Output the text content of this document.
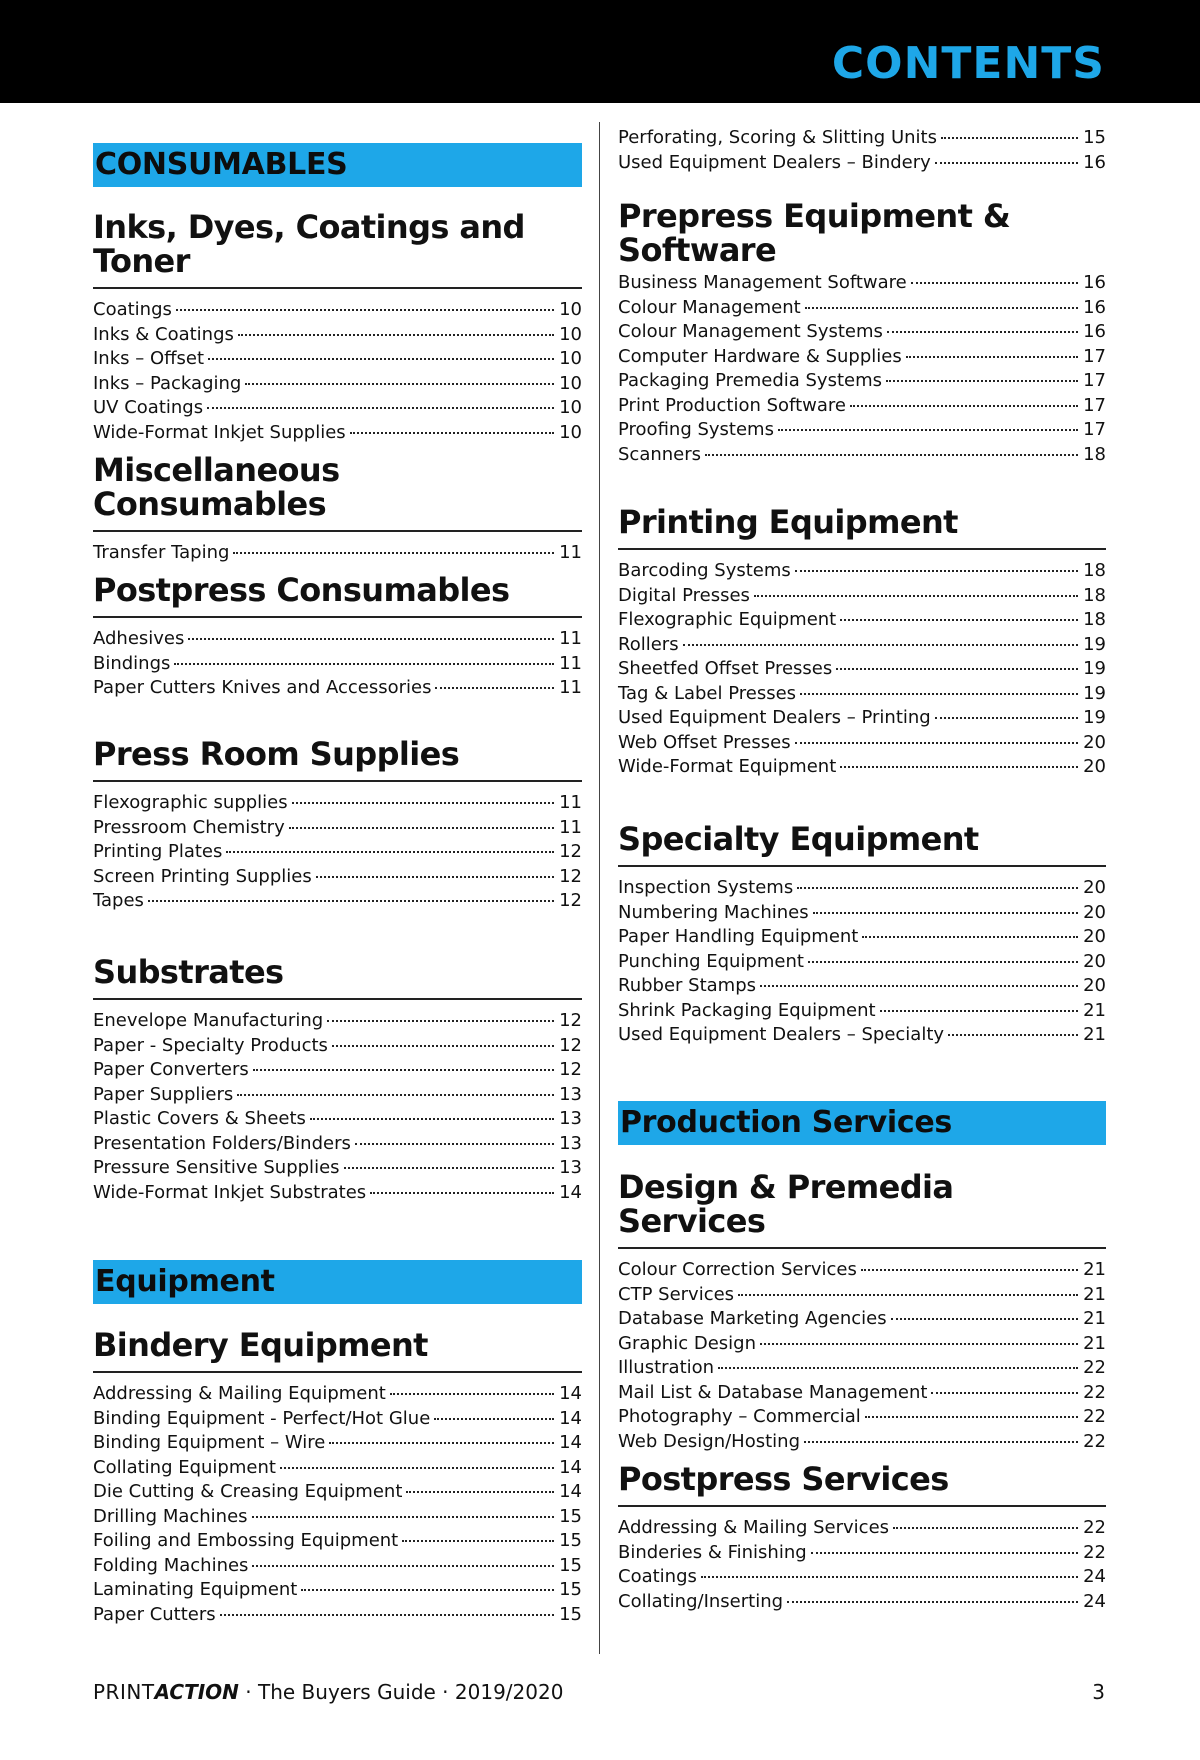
CONTENTS
CONSUMABLES
Inks, Dyes, Coatings and Toner
Coatings	10
Inks & Coatings	10
Inks – Offset	10
Inks – Packaging	10
UV Coatings	10
Wide-Format Inkjet Supplies	10
Miscellaneous Consumables
Transfer Taping	11
Postpress Consumables
Adhesives	11
Bindings	11
Paper Cutters Knives and Accessories	11
Press Room Supplies
Flexographic supplies	11
Pressroom Chemistry	11
Printing Plates	12
Screen Printing Supplies	12
Tapes	12
Substrates
Enevelope Manufacturing	12
Paper - Specialty Products	12
Paper Converters	12
Paper Suppliers	13
Plastic Covers & Sheets	13
Presentation Folders/Binders	13
Pressure Sensitive Supplies	13
Wide-Format Inkjet Substrates	14
Equipment
Bindery Equipment
Addressing & Mailing Equipment	14
Binding Equipment - Perfect/Hot Glue	14
Binding Equipment – Wire	14
Collating Equipment	14
Die Cutting & Creasing Equipment	14
Drilling Machines	15
Foiling and Embossing Equipment	15
Folding Machines	15
Laminating Equipment	15
Paper Cutters	15
Perforating, Scoring & Slitting Units	15
Used Equipment Dealers – Bindery	16
Prepress Equipment &
Software
Business Management Software	16
Colour Management	16
Colour Management Systems	16
Computer Hardware & Supplies	17
Packaging Premedia Systems	17
Print Production Software	17
Proofing Systems	17
Scanners	18
Printing Equipment
Barcoding Systems	18
Digital Presses	18
Flexographic Equipment	18
Rollers	19
Sheetfed Offset Presses	19
Tag & Label Presses	19
Used Equipment Dealers – Printing	19
Web Offset Presses	20
Wide-Format Equipment	20
Specialty Equipment
Inspection Systems	20
Numbering Machines	20
Paper Handling Equipment	20
Punching Equipment	20
Rubber Stamps	20
Shrink Packaging Equipment	21
Used Equipment Dealers – Specialty	21
Production Services
Design & Premedia Services
Colour Correction Services	21
CTP Services	21
Database Marketing Agencies	21
Graphic Design	21
Illustration	22
Mail List & Database Management	22
Photography – Commercial	22
Web Design/Hosting	22
Postpress Services
Addressing & Mailing Services	22
Binderies & Finishing	22
Coatings	24
Collating/Inserting	24
PRINTACTION · The Buyers Guide · 2019/2020	3
